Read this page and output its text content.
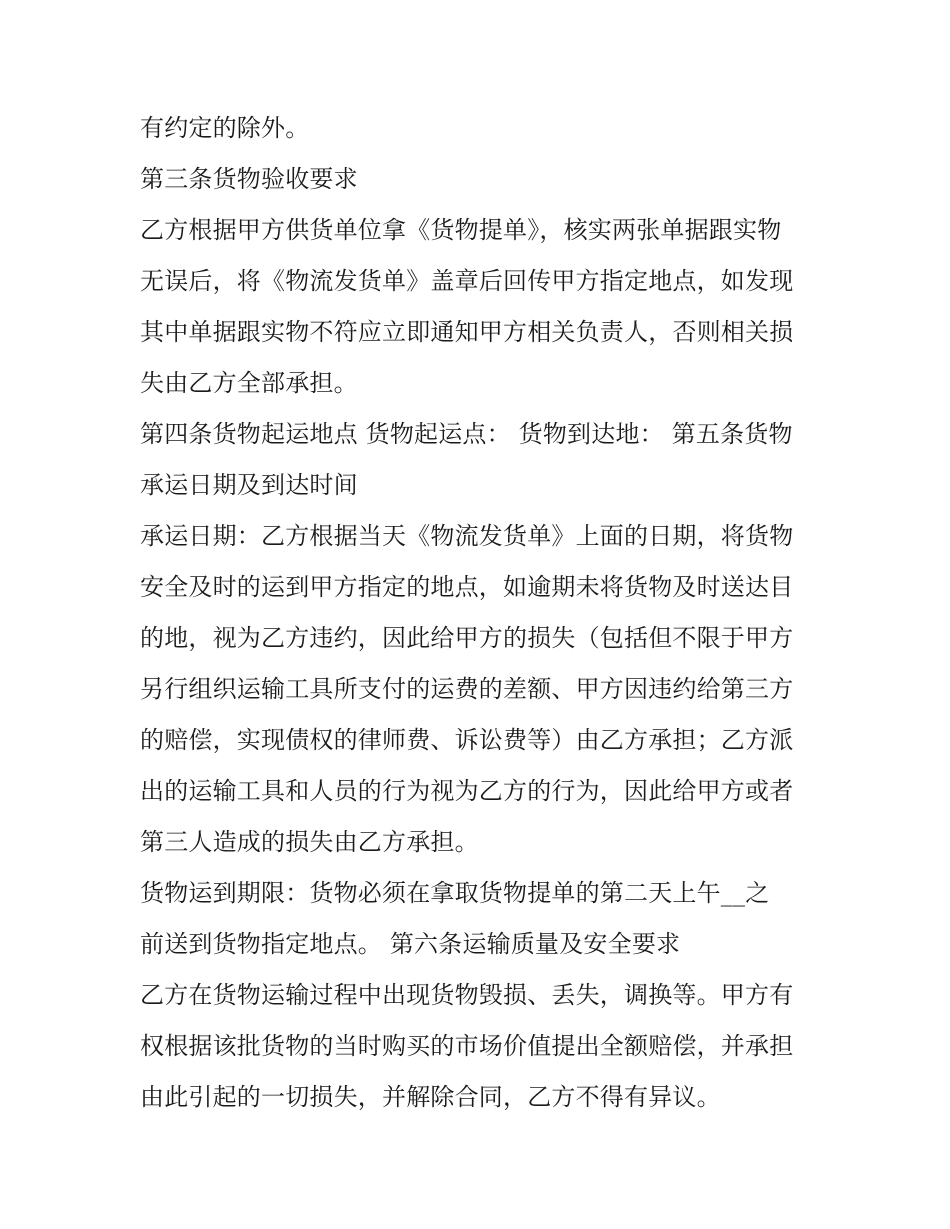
有约定的除外。
第三条货物验收要求
乙方根据甲方供货单位拿《货物提单》，核实两张单据跟实物
无误后，将《物流发货单》盖章后回传甲方指定地点，如发现
其中单据跟实物不符应立即通知甲方相关负责人，否则相关损
失由乙方全部承担。
第四条货物起运地点 货物起运点： 货物到达地： 第五条货物
承运日期及到达时间
承运日期：乙方根据当天《物流发货单》上面的日期，将货物
安全及时的运到甲方指定的地点，如逾期未将货物及时送达目
的地，视为乙方违约，因此给甲方的损失（包括但不限于甲方
另行组织运输工具所支付的运费的差额、甲方因违约给第三方
的赔偿，实现债权的律师费、诉讼费等）由乙方承担；乙方派
出的运输工具和人员的行为视为乙方的行为，因此给甲方或者
第三人造成的损失由乙方承担。
货物运到期限：货物必须在拿取货物提单的第二天上午__之
前送到货物指定地点。 第六条运输质量及安全要求
乙方在货物运输过程中出现货物毁损、丢失，调换等。甲方有
权根据该批货物的当时购买的市场价值提出全额赔偿，并承担
由此引起的一切损失，并解除合同，乙方不得有异议。
